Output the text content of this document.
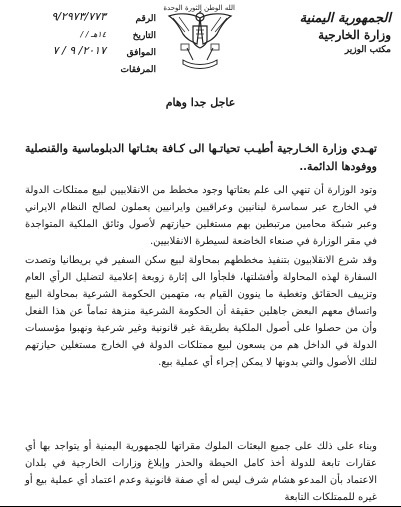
الجمهورية اليمنية
وزارة الخارجية
مكتب الوزير
الله الوطن الثورة الوحدة
الرقم
٩/٢٩٧٣/٧٧٣
التاريخ
/ / ١٤هـ
الموافق
٢٠١٧/ ٩ / ٧
المرفقات
عاجل جدا وهام
تهـدي وزارة الخـارجية أطيـب تحياتـها الى كـافة بعثـاتها الدبلوماسية والقنصلية ووفودها الدائمة..
وتود الوزارة أن تنهي الى علم بعثاتها وجود مخطط من الانقلابيين لبيع ممتلكات الدولة في الخارج عبر سماسرة لبنانيين وعراقيين وايرانيين يعملون لصالح النظام الايراني وعبر شبكة محامين مرتبطين بهم مستغلين حيازتهم لأصول وثائق الملكية المتواجدة في مقر الوزارة في صنعاء الخاضعة لسيطرة الانقلابيين.
وقد شرع الانقلابيون بتنفيذ مخططهم بمحاولة لبيع سكن السفير في بريطانيا وتصدت السفارة لهذه المحاولة وأفشلتها، فلجأوا الى إثارة زوبعة إعلامية لتضليل الرأي العام وتزييف الحقائق وتغطية ما ينوون القيام به، متهمين الحكومة الشرعية بمحاولة البيع واتساق معهم البعض جاهلين حقيقة أن الحكومة الشرعية منزهة تماماً عن هذا الفعل وأن من حصلوا على أصول الملكية بطريقة غير قانونية وغير شرعية ونهبوا مؤسسات الدولة في الداخل هم من يسعون لبيع ممتلكات الدولة في الخارج مستغلين حيازتهم لتلك الأصول والتي بدونها لا يمكن إجراء أي عملية بيع.
وبناء على ذلك على جميع البعثات الملوك مقراتها للجمهورية اليمنية أو يتواجد بها أي عقارات تابعة للدولة أخذ كامل الحيطة والحذر وإبلاغ وزارات الخارجية في بلدان الاعتماد بأن المدعو هشام شرف ليس له أي صفة قانونية وعدم اعتماد أي عملية بيع أو غيره للممتلكات التابعة
